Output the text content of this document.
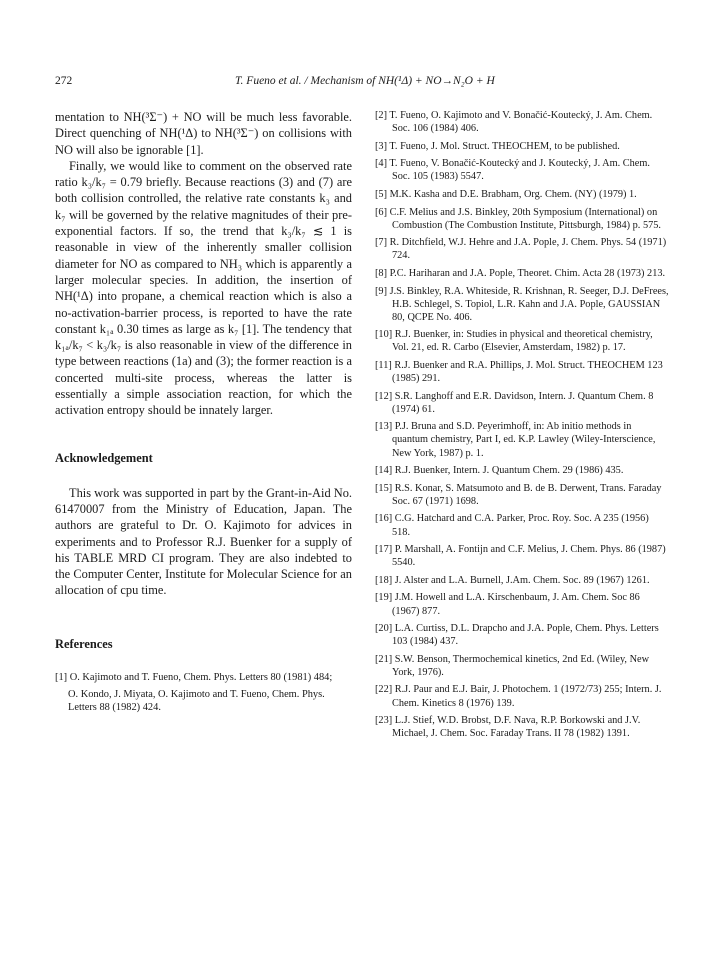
272	T. Fueno et al. / Mechanism of NH(¹Δ) + NO→N₂O + H

mentation to NH(³Σ⁻) + NO will be much less favorable. Direct quenching of NH(¹Δ) to NH(³Σ⁻) on collisions with NO will also be ignorable [1].

Finally, we would like to comment on the observed rate ratio k₃/k₇ = 0.79 briefly. Because reactions (3) and (7) are both collision controlled, the relative rate constants k₃ and k₇ will be governed by the relative magnitudes of their pre-exponential factors. If so, the trend that k₃/k₇ ≲ 1 is reasonable in view of the inherently smaller collision diameter for NO as compared to NH₃ which is apparently a larger molecular species. In addition, the insertion of NH(¹Δ) into propane, a chemical reaction which is also a no-activation-barrier process, is reported to have the rate constant k₁ₐ 0.30 times as large as k₇ [1]. The tendency that k₁ₐ/k₇ < k₃/k₇ is also reasonable in view of the difference in type between reactions (1a) and (3); the former reaction is a concerted multi-site process, whereas the latter is essentially a simple association reaction, for which the activation entropy should be innately larger.

Acknowledgement

This work was supported in part by the Grant-in-Aid No. 61470007 from the Ministry of Education, Japan. The authors are grateful to Dr. O. Kajimoto for advices in experiments and to Professor R.J. Buenker for a supply of his TABLE MRD CI program. They are also indebted to the Computer Center, Institute for Molecular Science for an allocation of cpu time.

References

[1] O. Kajimoto and T. Fueno, Chem. Phys. Letters 80 (1981) 484;
O. Kondo, J. Miyata, O. Kajimoto and T. Fueno, Chem. Phys. Letters 88 (1982) 424.
[2] T. Fueno, O. Kajimoto and V. Bonačić-Koutecký, J. Am. Chem. Soc. 106 (1984) 406.
[3] T. Fueno, J. Mol. Struct. THEOCHEM, to be published.
[4] T. Fueno, V. Bonačić-Koutecký and J. Koutecký, J. Am. Chem. Soc. 105 (1983) 5547.
[5] M.K. Kasha and D.E. Brabham, Org. Chem. (NY) (1979) 1.
[6] C.F. Melius and J.S. Binkley, 20th Symposium (International) on Combustion (The Combustion Institute, Pittsburgh, 1984) p. 575.
[7] R. Ditchfield, W.J. Hehre and J.A. Pople, J. Chem. Phys. 54 (1971) 724.
[8] P.C. Hariharan and J.A. Pople, Theoret. Chim. Acta 28 (1973) 213.
[9] J.S. Binkley, R.A. Whiteside, R. Krishnan, R. Seeger, D.J. DeFrees, H.B. Schlegel, S. Topiol, L.R. Kahn and J.A. Pople, GAUSSIAN 80, QCPE No. 406.
[10] R.J. Buenker, in: Studies in physical and theoretical chemistry, Vol. 21, ed. R. Carbo (Elsevier, Amsterdam, 1982) p. 17.
[11] R.J. Buenker and R.A. Phillips, J. Mol. Struct. THEOCHEM 123 (1985) 291.
[12] S.R. Langhoff and E.R. Davidson, Intern. J. Quantum Chem. 8 (1974) 61.
[13] P.J. Bruna and S.D. Peyerimhoff, in: Ab initio methods in quantum chemistry, Part I, ed. K.P. Lawley (Wiley-Interscience, New York, 1987) p. 1.
[14] R.J. Buenker, Intern. J. Quantum Chem. 29 (1986) 435.
[15] R.S. Konar, S. Matsumoto and B. de B. Derwent, Trans. Faraday Soc. 67 (1971) 1698.
[16] C.G. Hatchard and C.A. Parker, Proc. Roy. Soc. A 235 (1956) 518.
[17] P. Marshall, A. Fontijn and C.F. Melius, J. Chem. Phys. 86 (1987) 5540.
[18] J. Alster and L.A. Burnell, J.Am. Chem. Soc. 89 (1967) 1261.
[19] J.M. Howell and L.A. Kirschenbaum, J. Am. Chem. Soc 86 (1967) 877.
[20] L.A. Curtiss, D.L. Drapcho and J.A. Pople, Chem. Phys. Letters 103 (1984) 437.
[21] S.W. Benson, Thermochemical kinetics, 2nd Ed. (Wiley, New York, 1976).
[22] R.J. Paur and E.J. Bair, J. Photochem. 1 (1972/73) 255; Intern. J. Chem. Kinetics 8 (1976) 139.
[23] L.J. Stief, W.D. Brobst, D.F. Nava, R.P. Borkowski and J.V. Michael, J. Chem. Soc. Faraday Trans. II 78 (1982) 1391.
